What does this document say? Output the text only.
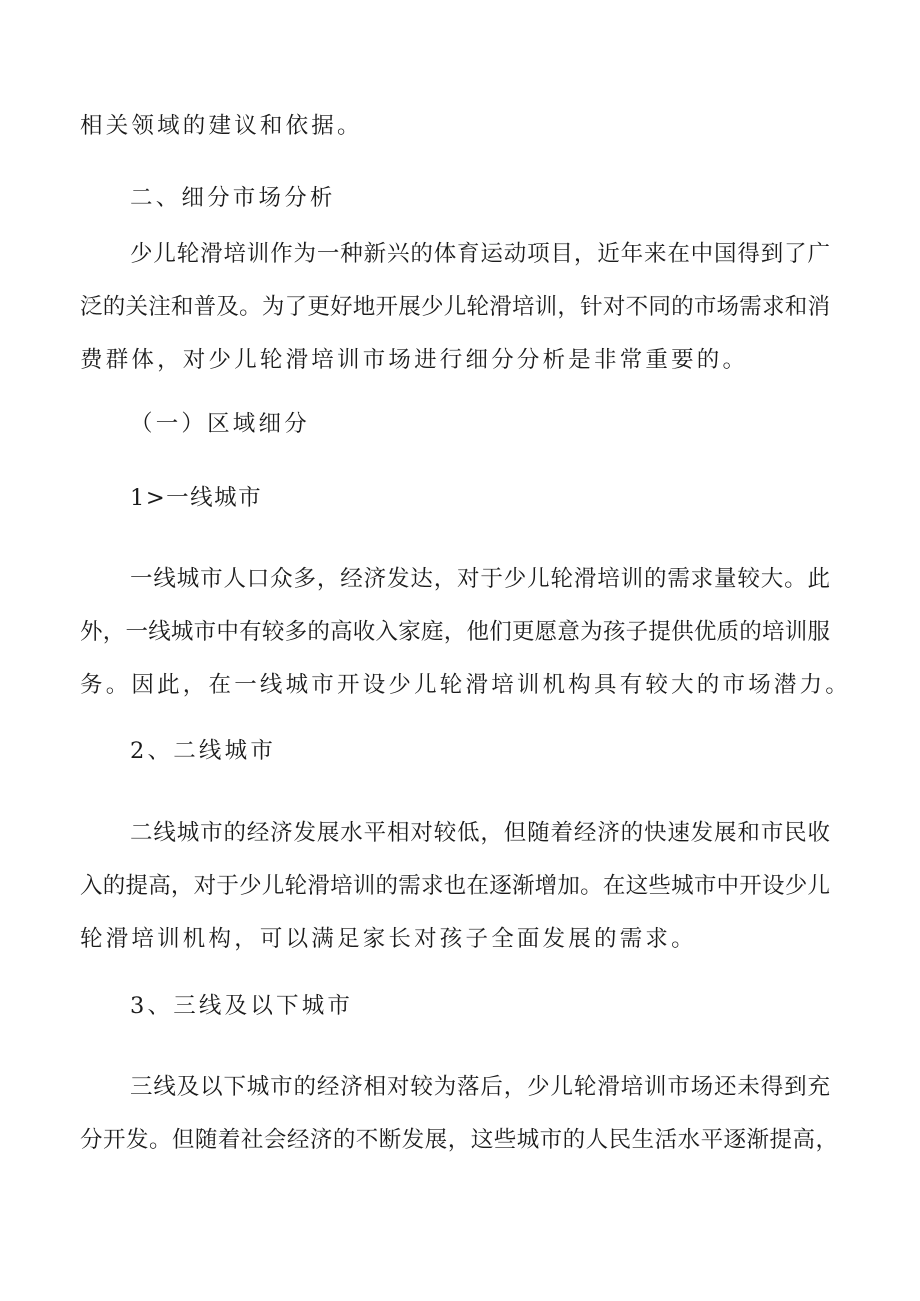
相关领域的建议和依据。
二、细分市场分析
少儿轮滑培训作为一种新兴的体育运动项目，近年来在中国得到了广
泛的关注和普及。为了更好地开展少儿轮滑培训，针对不同的市场需求和消
费群体，对少儿轮滑培训市场进行细分分析是非常重要的。
（一）区域细分
1>一线城市
一线城市人口众多，经济发达，对于少儿轮滑培训的需求量较大。此
外，一线城市中有较多的高收入家庭，他们更愿意为孩子提供优质的培训服
务。因此，在一线城市开设少儿轮滑培训机构具有较大的市场潜力。
2、二线城市
二线城市的经济发展水平相对较低，但随着经济的快速发展和市民收
入的提高，对于少儿轮滑培训的需求也在逐渐增加。在这些城市中开设少儿
轮滑培训机构，可以满足家长对孩子全面发展的需求。
3、三线及以下城市
三线及以下城市的经济相对较为落后，少儿轮滑培训市场还未得到充
分开发。但随着社会经济的不断发展，这些城市的人民生活水平逐渐提高，
